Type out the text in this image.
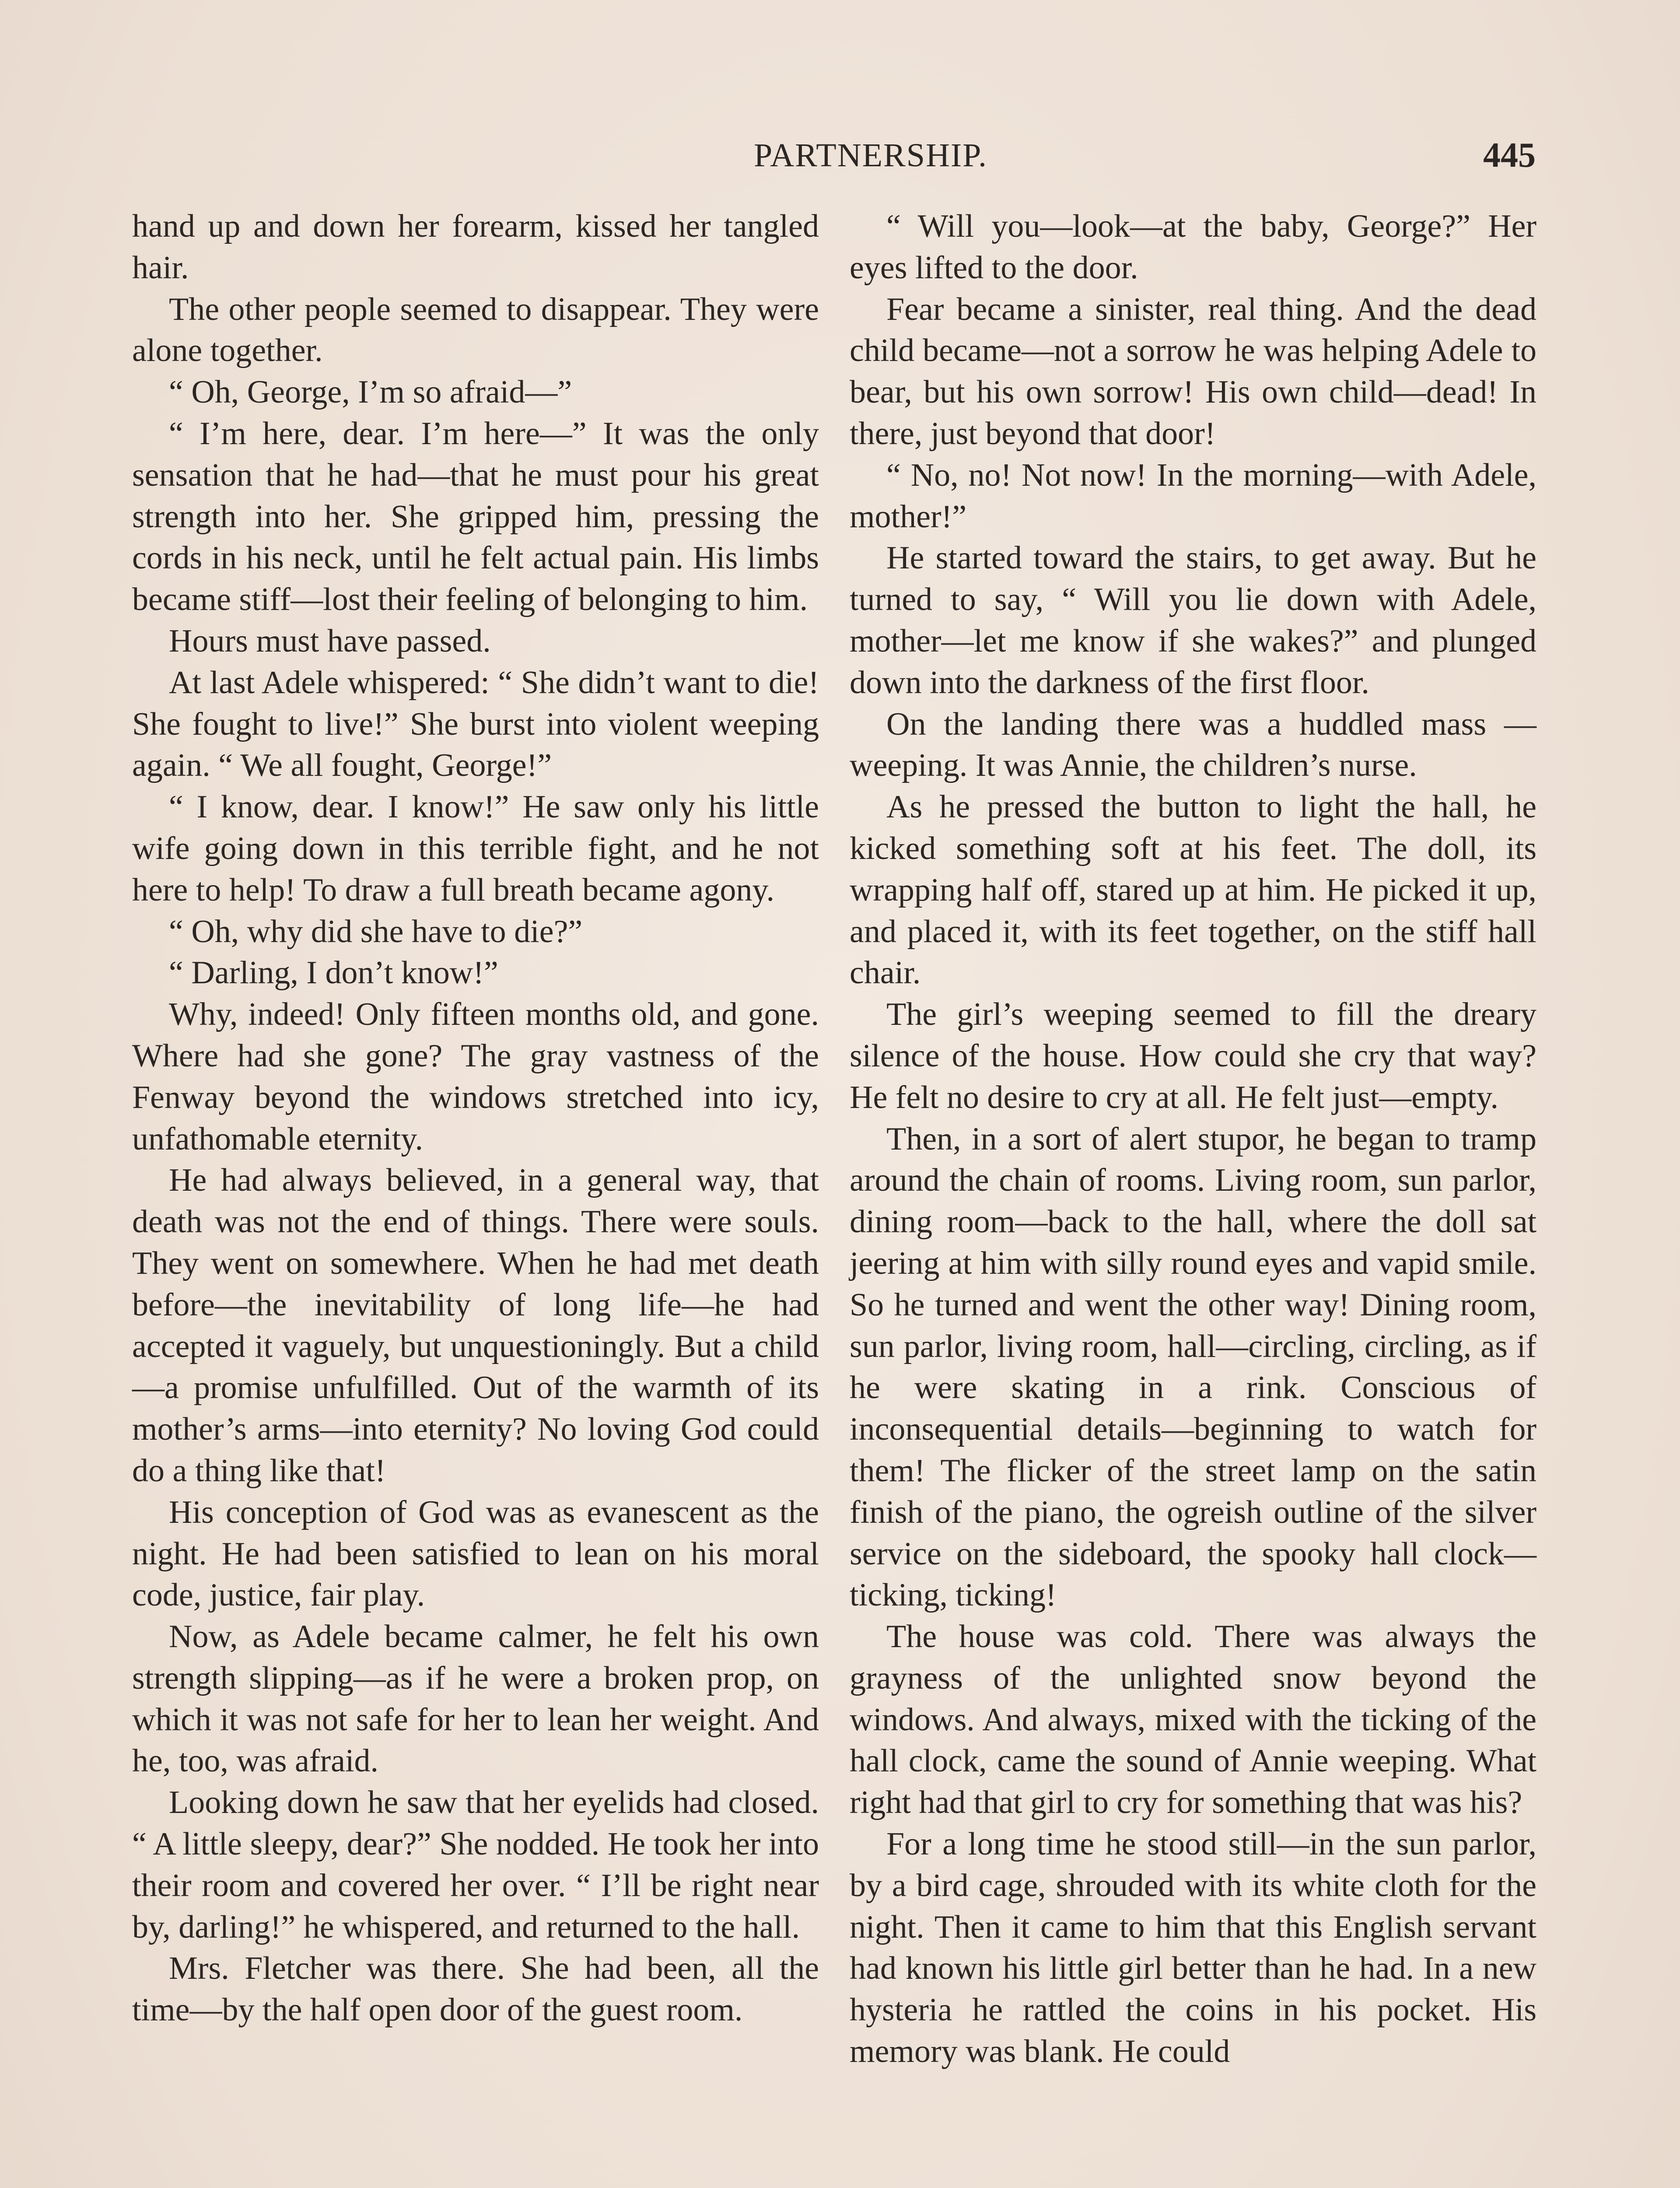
PARTNERSHIP.	445

hand up and down her forearm, kissed her tangled hair.

The other people seemed to disappear. They were alone together.

“ Oh, George, I’m so afraid—”

“ I’m here, dear. I’m here—” It was the only sensation that he had—that he must pour his great strength into her. She gripped him, pressing the cords in his neck, until he felt actual pain. His limbs became stiff—lost their feeling of belonging to him.

Hours must have passed.

At last Adele whispered: “ She didn’t want to die! She fought to live!” She burst into violent weeping again. “ We all fought, George!”

“ I know, dear. I know!” He saw only his little wife going down in this terrible fight, and he not here to help! To draw a full breath became agony.

“ Oh, why did she have to die?”

“ Darling, I don’t know!”

Why, indeed! Only fifteen months old, and gone. Where had she gone? The gray vastness of the Fenway beyond the windows stretched into icy, unfathomable eternity.

He had always believed, in a general way, that death was not the end of things. There were souls. They went on somewhere. When he had met death before—the inevitability of long life—he had accepted it vaguely, but unquestioningly. But a child —a promise unfulfilled. Out of the warmth of its mother’s arms—into eternity? No loving God could do a thing like that!

His conception of God was as evanescent as the night. He had been satisfied to lean on his moral code, justice, fair play.

Now, as Adele became calmer, he felt his own strength slipping—as if he were a broken prop, on which it was not safe for her to lean her weight. And he, too, was afraid.

Looking down he saw that her eyelids had closed. “ A little sleepy, dear?” She nodded. He took her into their room and covered her over. “ I’ll be right near by, darling!” he whispered, and returned to the hall.

Mrs. Fletcher was there. She had been, all the time—by the half open door of the guest room.

“ Will you—look—at the baby, George?” Her eyes lifted to the door.

Fear became a sinister, real thing. And the dead child became—not a sorrow he was helping Adele to bear, but his own sorrow! His own child—dead! In there, just beyond that door!

“ No, no! Not now! In the morning—with Adele, mother!”

He started toward the stairs, to get away. But he turned to say, “ Will you lie down with Adele, mother—let me know if she wakes?” and plunged down into the darkness of the first floor.

On the landing there was a huddled mass —weeping. It was Annie, the children’s nurse.

As he pressed the button to light the hall, he kicked something soft at his feet. The doll, its wrapping half off, stared up at him. He picked it up, and placed it, with its feet together, on the stiff hall chair.

The girl’s weeping seemed to fill the dreary silence of the house. How could she cry that way? He felt no desire to cry at all. He felt just—empty.

Then, in a sort of alert stupor, he began to tramp around the chain of rooms. Living room, sun parlor, dining room—back to the hall, where the doll sat jeering at him with silly round eyes and vapid smile. So he turned and went the other way! Dining room, sun parlor, living room, hall—circling, circling, as if he were skating in a rink. Conscious of inconsequential details—beginning to watch for them! The flicker of the street lamp on the satin finish of the piano, the ogreish outline of the silver service on the sideboard, the spooky hall clock—ticking, ticking!

The house was cold. There was always the grayness of the unlighted snow beyond the windows. And always, mixed with the ticking of the hall clock, came the sound of Annie weeping. What right had that girl to cry for something that was his?

For a long time he stood still—in the sun parlor, by a bird cage, shrouded with its white cloth for the night. Then it came to him that this English servant had known his little girl better than he had. In a new hysteria he rattled the coins in his pocket. His memory was blank. He could
